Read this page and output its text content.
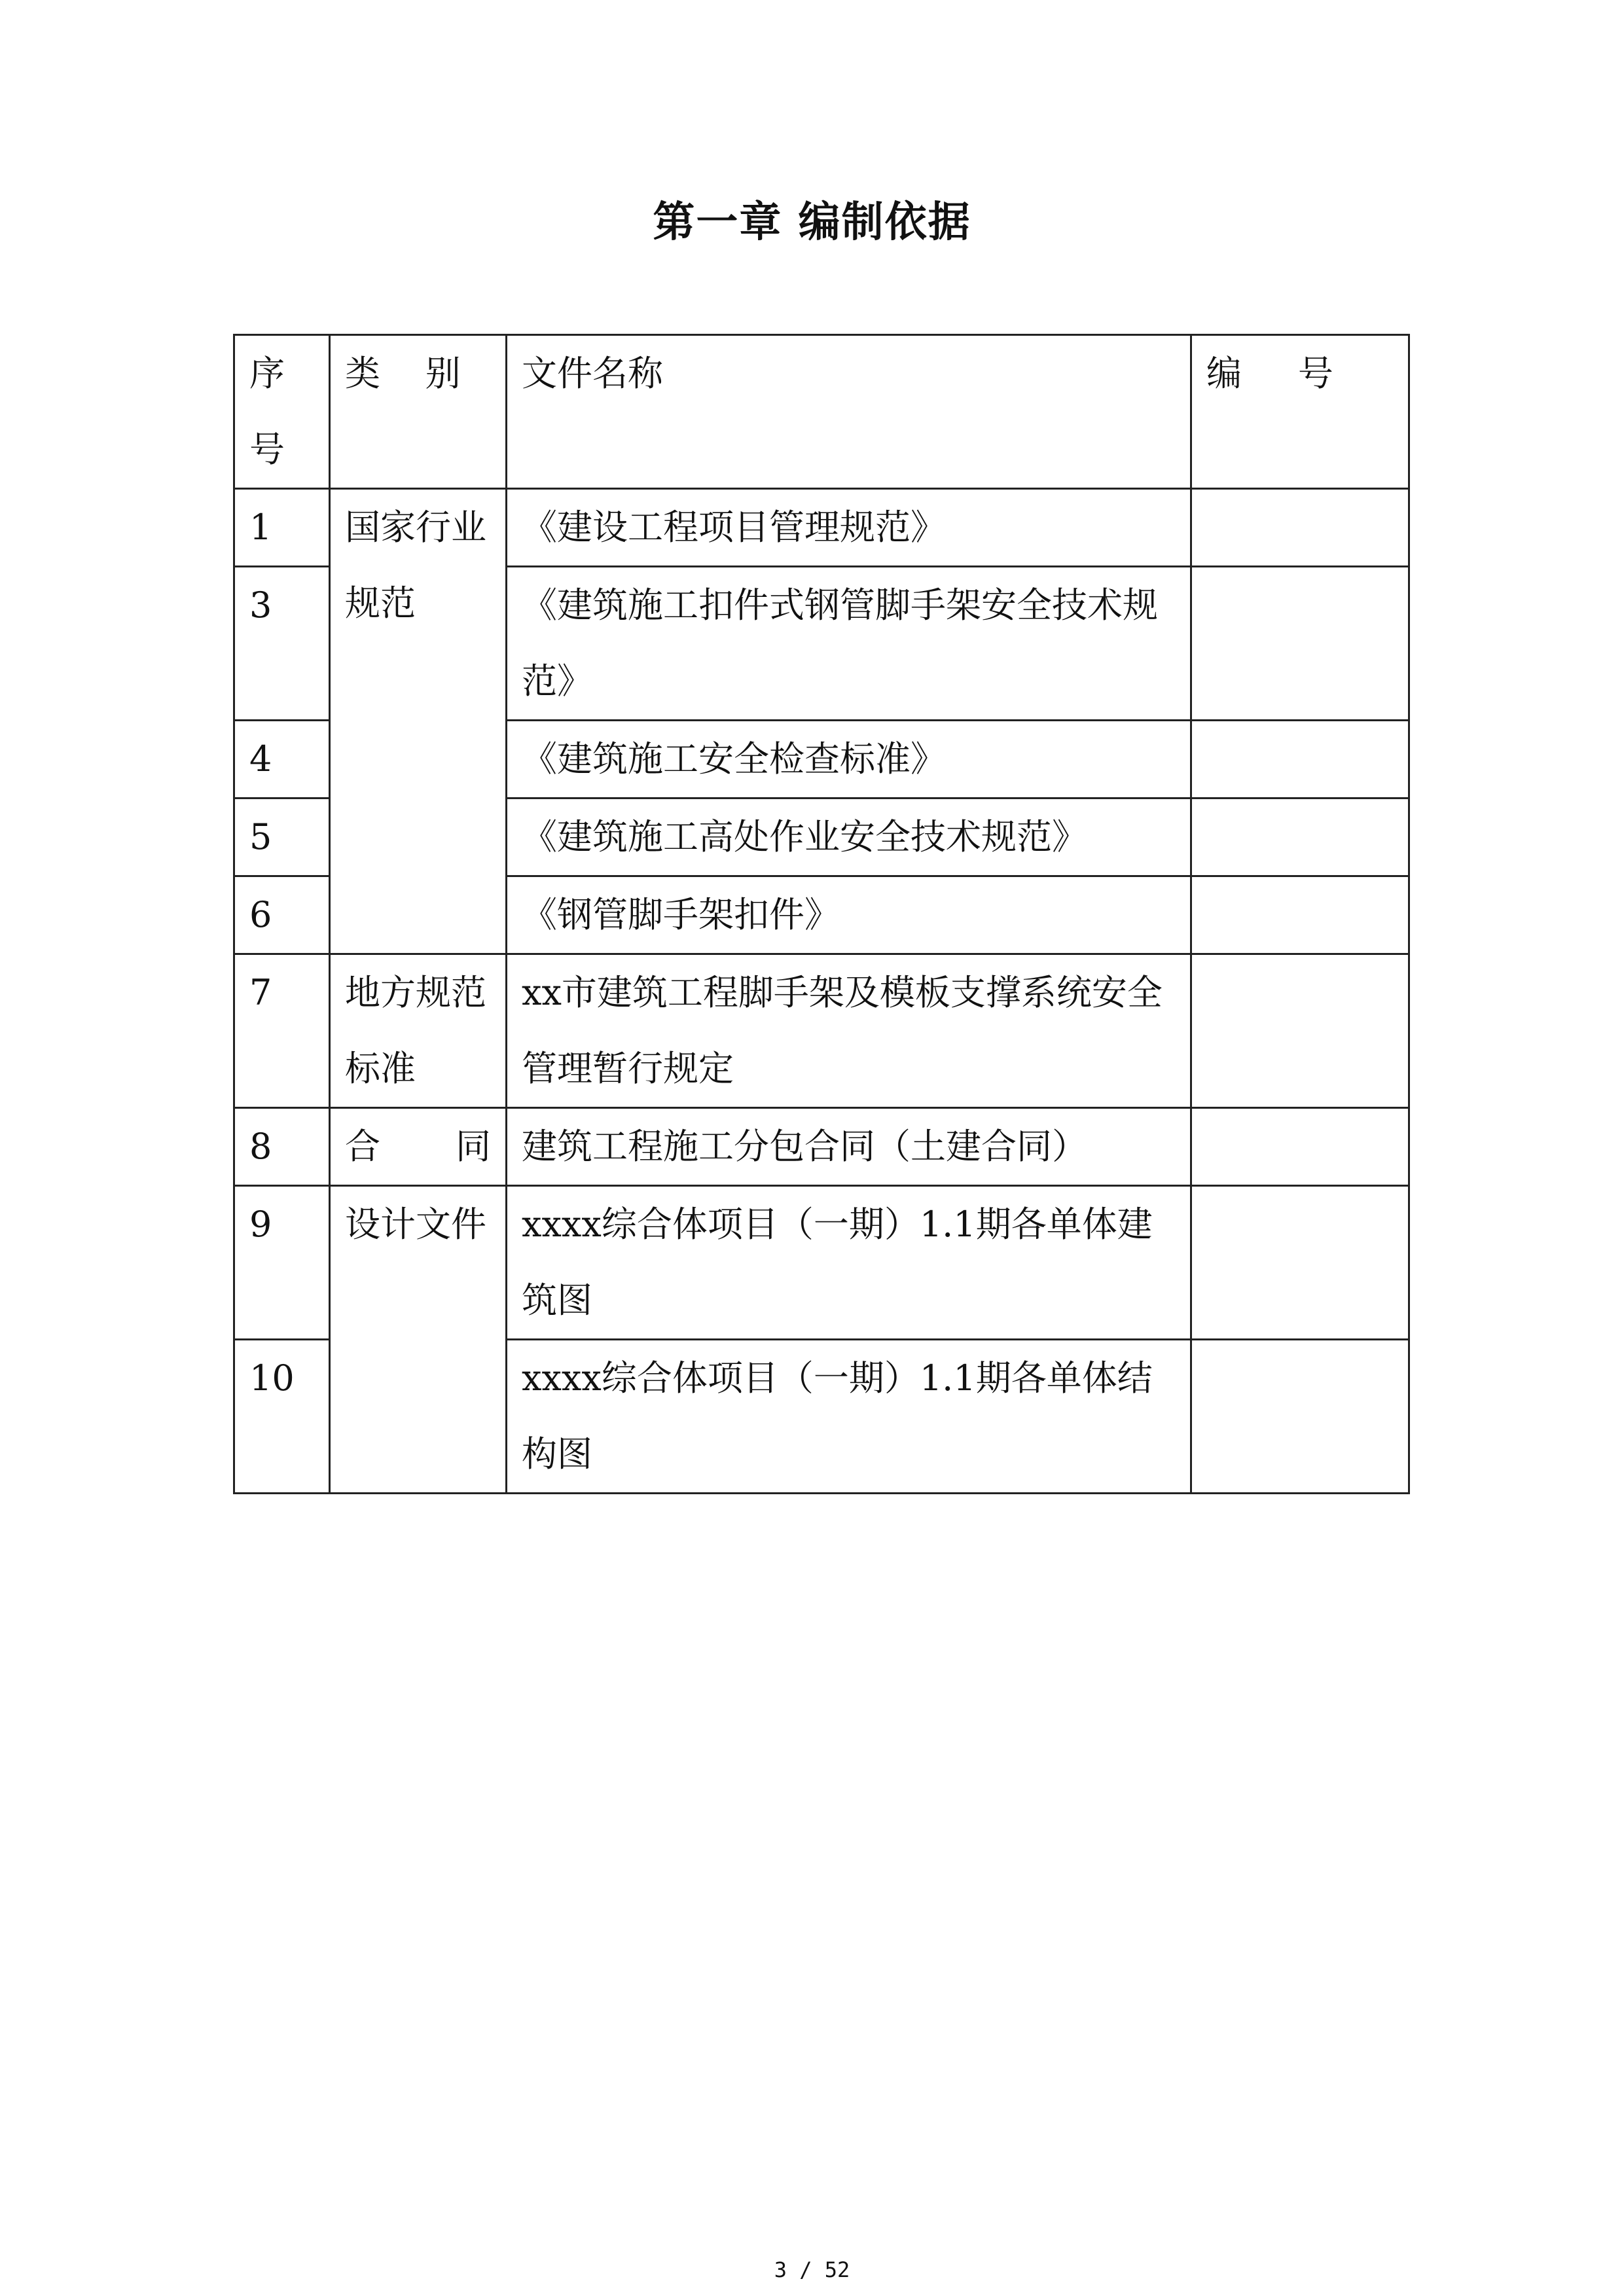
第一章 编制依据
序号	类    别	文件名称	编     号
1	国家行业规范	《建设工程项目管理规范》	
3		《建筑施工扣件式钢管脚手架安全技术规范》	
4		《建筑施工安全检查标准》	
5		《建筑施工高处作业安全技术规范》	
6		《钢管脚手架扣件》	
7	地方规范标准	xx市建筑工程脚手架及模板支撑系统安全管理暂行规定	
8	合同	建筑工程施工分包合同（土建合同）	
9	设计文件	xxxx综合体项目（一期）1.1期各单体建筑图	
10		xxxx综合体项目（一期）1.1期各单体结构图	
3 / 52
